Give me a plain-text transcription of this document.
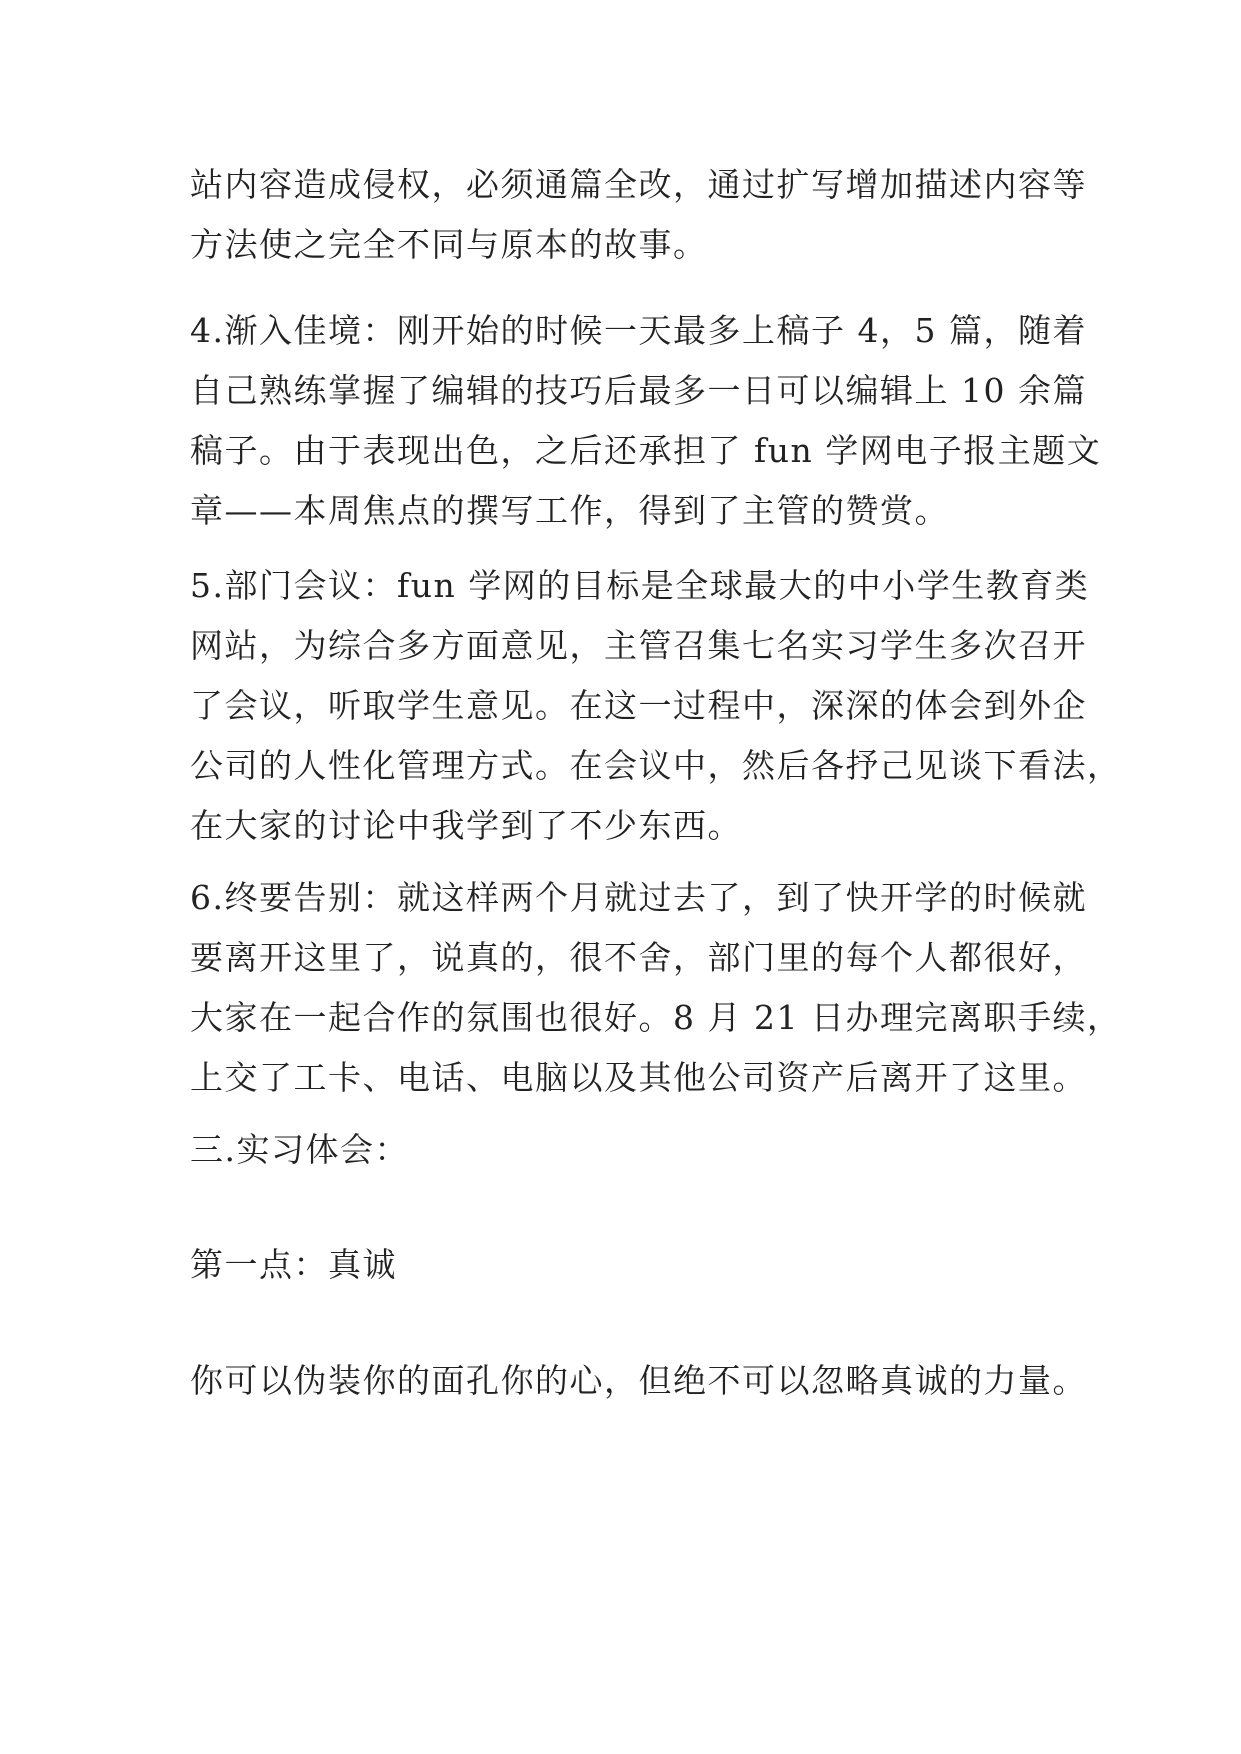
站内容造成侵权，必须通篇全改，通过扩写增加描述内容等
方法使之完全不同与原本的故事。

4.渐入佳境：刚开始的时候一天最多上稿子 4，5 篇，随着
自己熟练掌握了编辑的技巧后最多一日可以编辑上 10 余篇
稿子。由于表现出色，之后还承担了 fun 学网电子报主题文
章——本周焦点的撰写工作，得到了主管的赞赏。

5.部门会议：fun 学网的目标是全球最大的中小学生教育类
网站，为综合多方面意见，主管召集七名实习学生多次召开
了会议，听取学生意见。在这一过程中，深深的体会到外企
公司的人性化管理方式。在会议中，然后各抒己见谈下看法，
在大家的讨论中我学到了不少东西。

6.终要告别：就这样两个月就过去了，到了快开学的时候就
要离开这里了，说真的，很不舍，部门里的每个人都很好，
大家在一起合作的氛围也很好。8 月 21 日办理完离职手续，
上交了工卡、电话、电脑以及其他公司资产后离开了这里。

三.实习体会：

第一点：真诚

你可以伪装你的面孔你的心，但绝不可以忽略真诚的力量。
